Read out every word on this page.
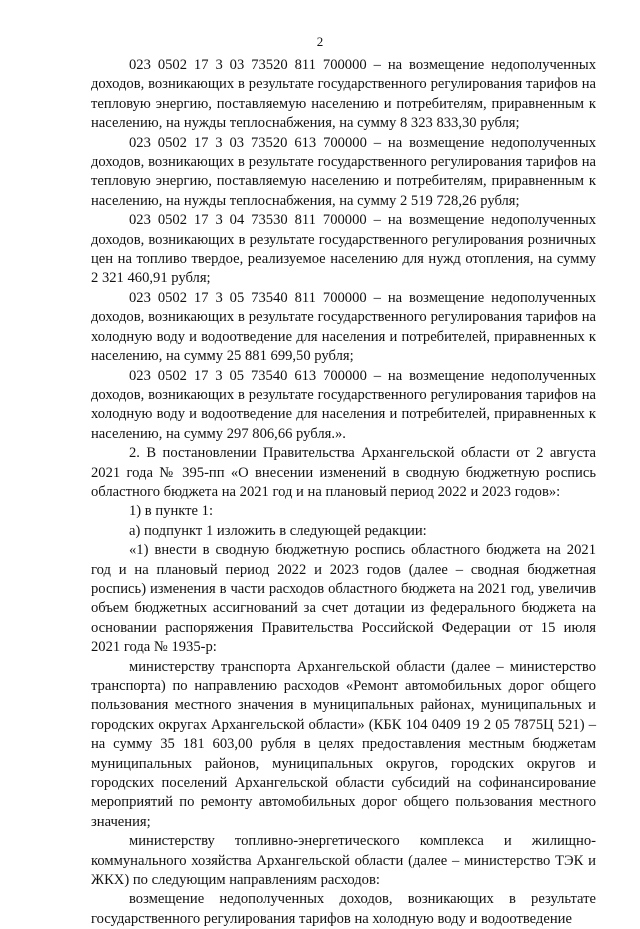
2

023 0502 17 3 03 73520 811 700000 – на возмещение недополученных доходов, возникающих в результате государственного регулирования тарифов на тепловую энергию, поставляемую населению и потребителям, приравненным к населению, на нужды теплоснабжения, на сумму 8 323 833,30 рубля;

023 0502 17 3 03 73520 613 700000 – на возмещение недополученных доходов, возникающих в результате государственного регулирования тарифов на тепловую энергию, поставляемую населению и потребителям, приравненным к населению, на нужды теплоснабжения, на сумму 2 519 728,26 рубля;

023 0502 17 3 04 73530 811 700000 – на возмещение недополученных доходов, возникающих в результате государственного регулирования розничных цен на топливо твердое, реализуемое населению для нужд отопления, на сумму 2 321 460,91 рубля;

023 0502 17 3 05 73540 811 700000 – на возмещение недополученных доходов, возникающих в результате государственного регулирования тарифов на холодную воду и водоотведение для населения и потребителей, приравненных к населению, на сумму 25 881 699,50 рубля;

023 0502 17 3 05 73540 613 700000 – на возмещение недополученных доходов, возникающих в результате государственного регулирования тарифов на холодную воду и водоотведение для населения и потребителей, приравненных к населению, на сумму 297 806,66 рубля.».

2. В постановлении Правительства Архангельской области от 2 августа 2021 года № 395-пп «О внесении изменений в сводную бюджетную роспись областного бюджета на 2021 год и на плановый период 2022 и 2023 годов»:

1) в пункте 1:

а) подпункт 1 изложить в следующей редакции:

«1) внести в сводную бюджетную роспись областного бюджета на 2021 год и на плановый период 2022 и 2023 годов (далее – сводная бюджетная роспись) изменения в части расходов областного бюджета на 2021 год, увеличив объем бюджетных ассигнований за счет дотации из федерального бюджета на основании распоряжения Правительства Российской Федерации от 15 июля 2021 года № 1935-р:

министерству транспорта Архангельской области (далее – министерство транспорта) по направлению расходов «Ремонт автомобильных дорог общего пользования местного значения в муниципальных районах, муниципальных и городских округах Архангельской области» (КБК 104 0409 19 2 05 7875Ц 521) – на сумму 35 181 603,00 рубля в целях предоставления местным бюджетам муниципальных районов, муниципальных округов, городских округов и городских поселений Архангельской области субсидий на софинансирование мероприятий по ремонту автомобильных дорог общего пользования местного значения;

министерству топливно-энергетического комплекса и жилищно-коммунального хозяйства Архангельской области (далее – министерство ТЭК и ЖКХ) по следующим направлениям расходов:

возмещение недополученных доходов, возникающих в результате государственного регулирования тарифов на холодную воду и водоотведение
